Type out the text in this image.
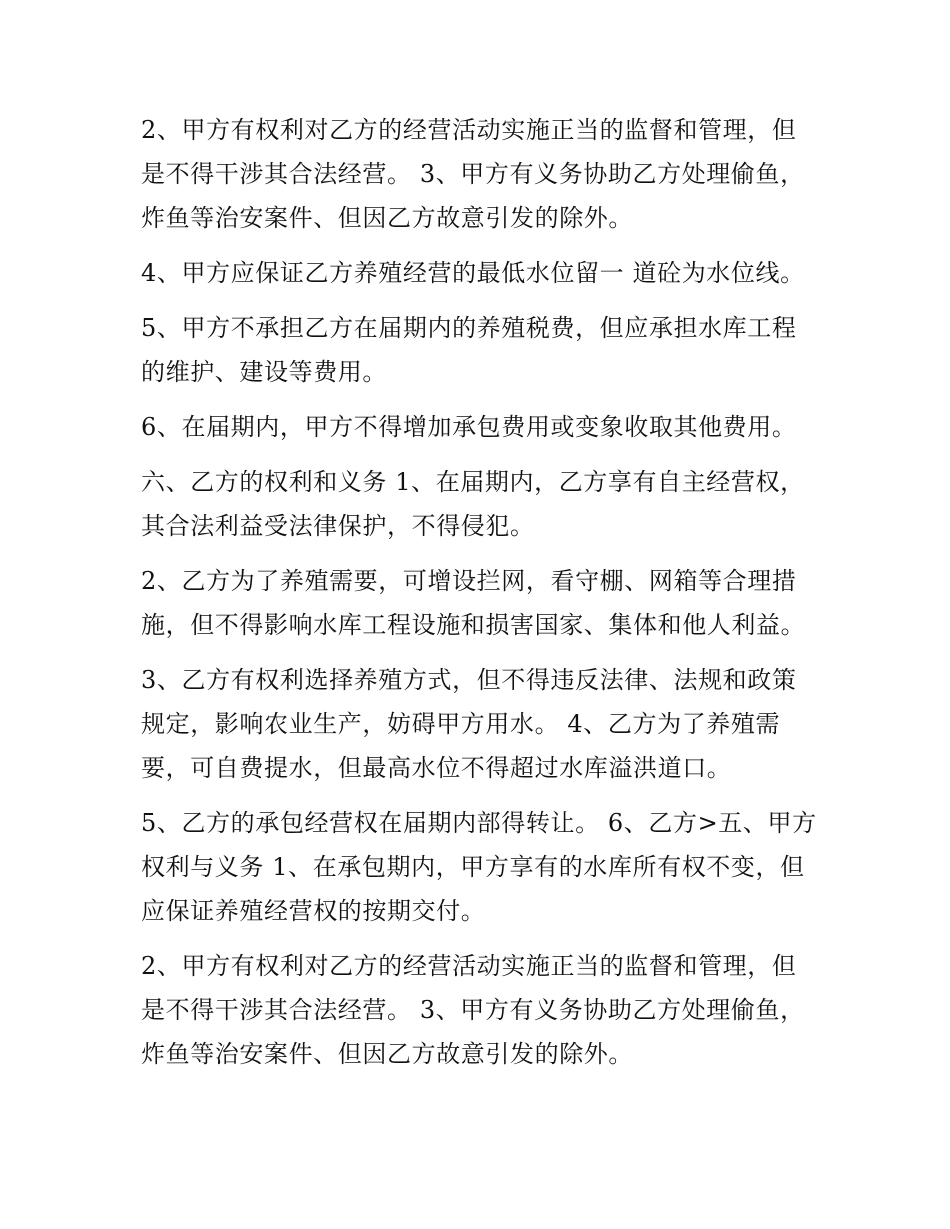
2、甲方有权利对乙方的经营活动实施正当的监督和管理，但是不得干涉其合法经营。 3、甲方有义务协助乙方处理偷鱼，炸鱼等治安案件、但因乙方故意引发的除外。

4、甲方应保证乙方养殖经营的最低水位留一 道砼为水位线。

5、甲方不承担乙方在届期内的养殖税费，但应承担水库工程的维护、建设等费用。

6、在届期内，甲方不得增加承包费用或变象收取其他费用。

六、乙方的权利和义务 1、在届期内，乙方享有自主经营权，其合法利益受法律保护，不得侵犯。

2、乙方为了养殖需要，可增设拦网，看守棚、网箱等合理措施，但不得影响水库工程设施和损害国家、集体和他人利益。

3、乙方有权利选择养殖方式，但不得违反法律、法规和政策规定，影响农业生产，妨碍甲方用水。 4、乙方为了养殖需要，可自费提水，但最高水位不得超过水库溢洪道口。

5、乙方的承包经营权在届期内部得转让。 6、乙方>五、甲方权利与义务 1、在承包期内，甲方享有的水库所有权不变，但应保证养殖经营权的按期交付。

2、甲方有权利对乙方的经营活动实施正当的监督和管理，但是不得干涉其合法经营。 3、甲方有义务协助乙方处理偷鱼，炸鱼等治安案件、但因乙方故意引发的除外。
